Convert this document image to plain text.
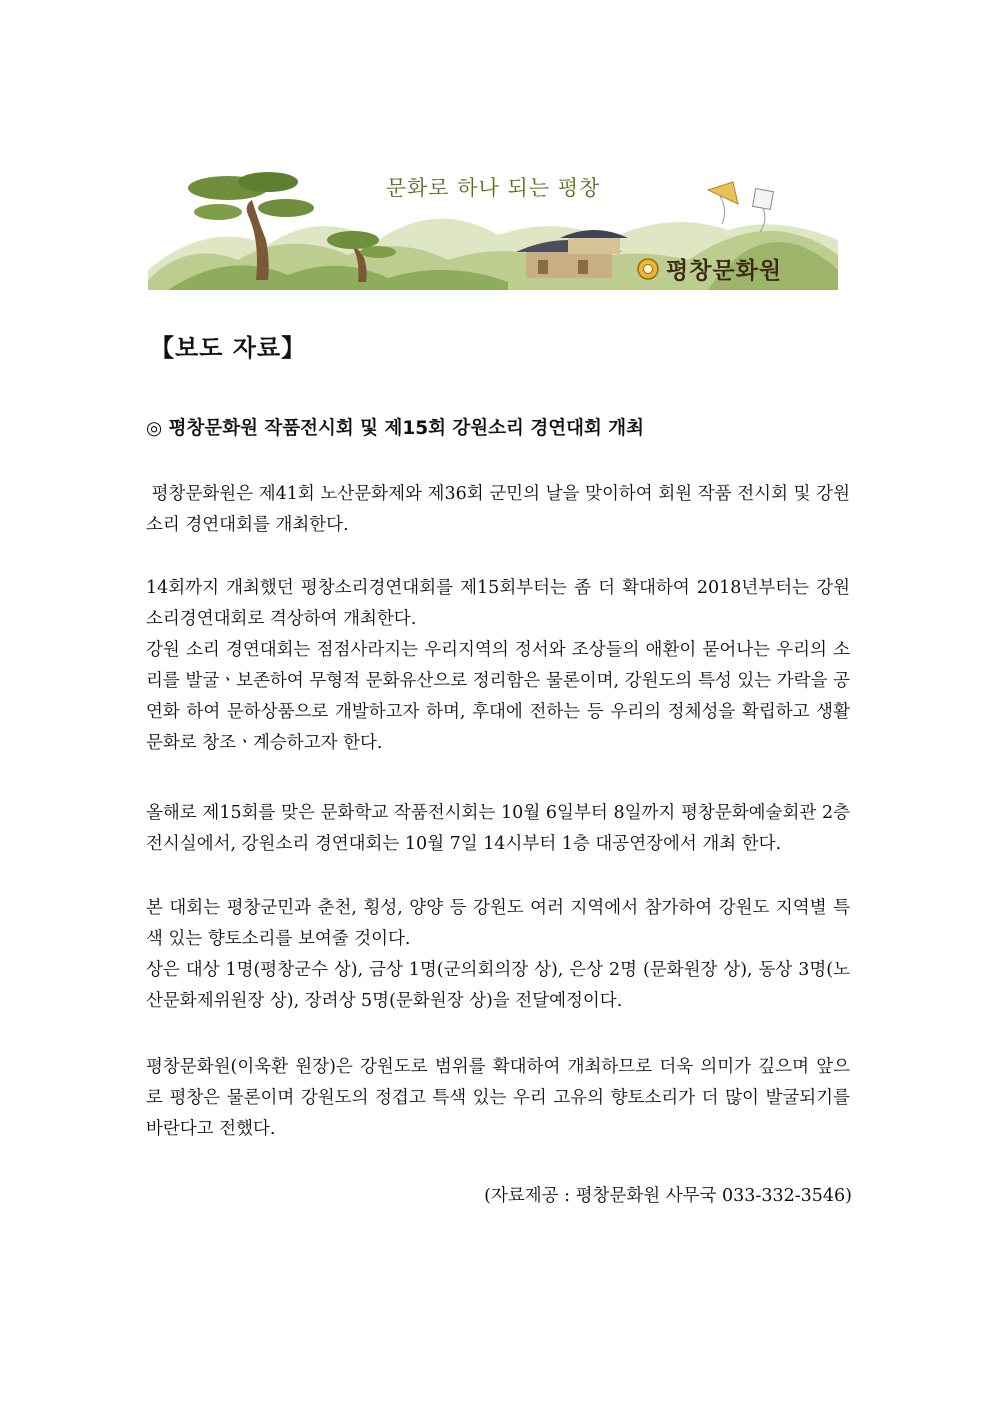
문화로 하나 되는 평창
평창문화원
【보도 자료】
◎ 평창문화원 작품전시회 및 제15회 강원소리 경연대회 개최

평창문화원은 제41회 노산문화제와 제36회 군민의 날을 맞이하여 회원 작품 전시회 및 강원소리 경연대회를 개최한다.

14회까지 개최했던 평창소리경연대회를 제15회부터는 좀 더 확대하여 2018년부터는 강원소리경연대회로 격상하여 개최한다.

강원 소리 경연대회는 점점사라지는 우리지역의 정서와 조상들의 애환이 묻어나는 우리의 소리를 발굴ㆍ보존하여 무형적 문화유산으로 정리함은 물론이며, 강원도의 특성 있는 가락을 공연화 하여 문하상품으로 개발하고자 하며, 후대에 전하는 등 우리의 정체성을 확립하고 생활문화로 창조ㆍ계승하고자 한다.

올해로 제15회를 맞은 문화학교 작품전시회는 10월 6일부터 8일까지 평창문화예술회관 2층 전시실에서, 강원소리 경연대회는 10월 7일 14시부터 1층 대공연장에서 개최 한다.

본 대회는 평창군민과 춘천, 횡성, 양양 등 강원도 여러 지역에서 참가하여 강원도 지역별 특색 있는 향토소리를 보여줄 것이다.

상은 대상 1명(평창군수 상), 금상 1명(군의회의장 상), 은상 2명 (문화원장 상), 동상 3명(노산문화제위원장 상), 장려상 5명(문화원장 상)을 전달예정이다.

평창문화원(이욱환 원장)은 강원도로 범위를 확대하여 개최하므로 더욱 의미가 깊으며 앞으로 평창은 물론이며 강원도의 정겹고 특색 있는 우리 고유의 향토소리가 더 많이 발굴되기를 바란다고 전했다.

(자료제공 : 평창문화원 사무국 033-332-3546)
